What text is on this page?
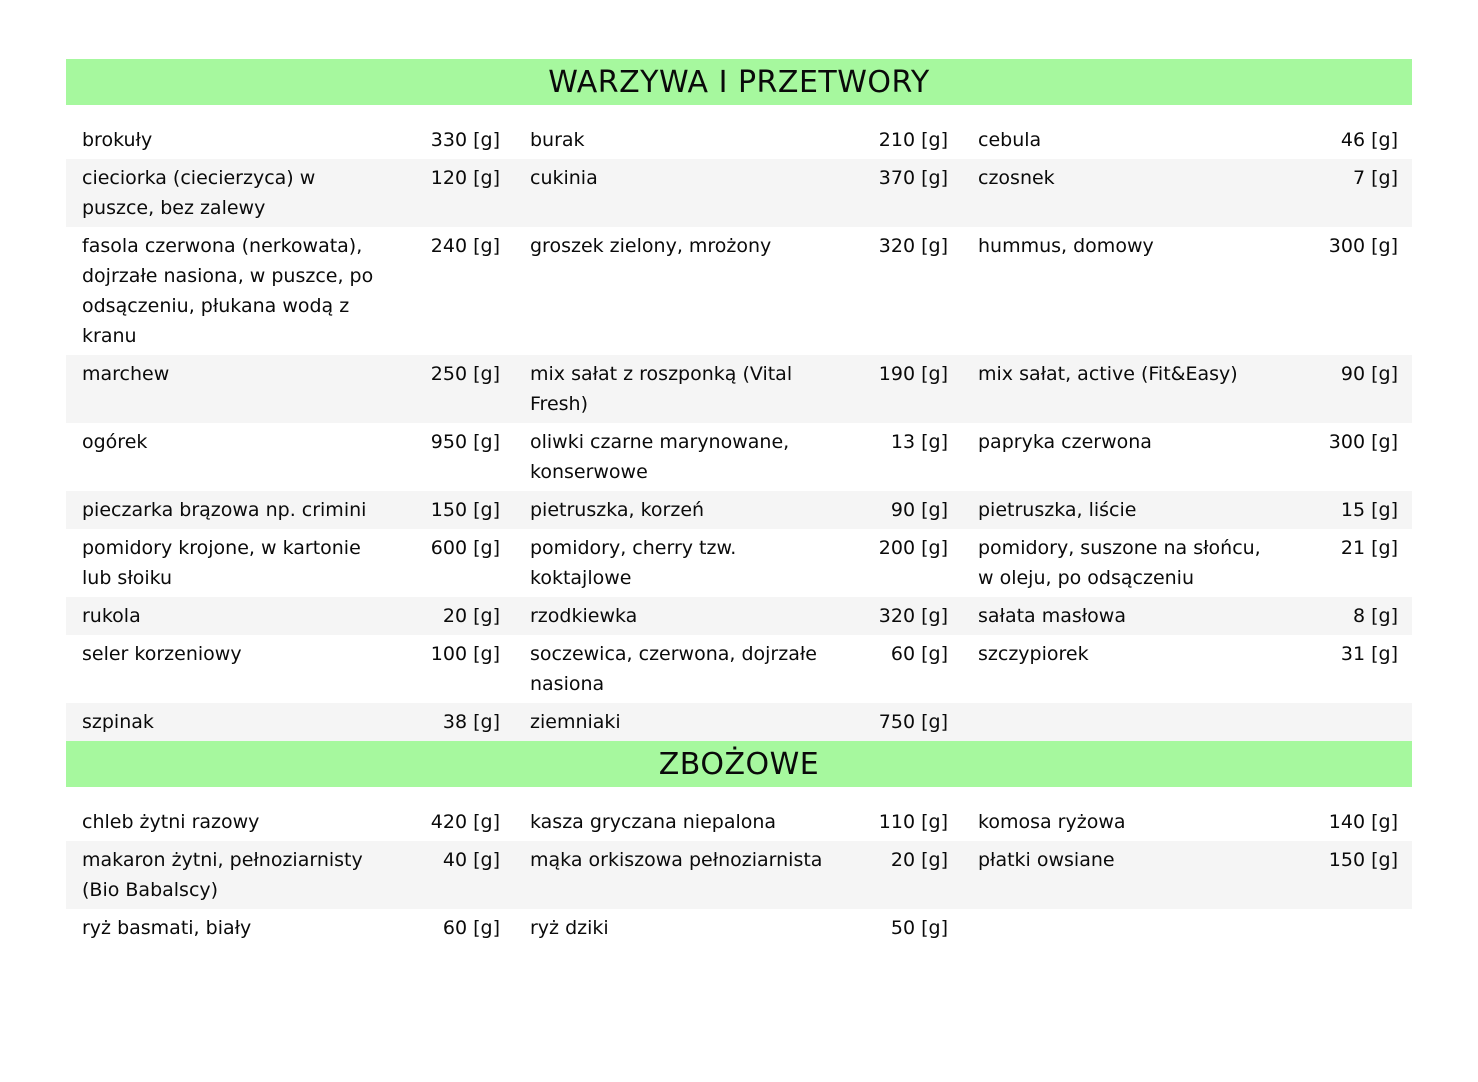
WARZYWA I PRZETWORY
brokuły	330 [g]	burak	210 [g]	cebula	46 [g]
cieciorka (ciecierzyca) w puszce, bez zalewy	120 [g]	cukinia	370 [g]	czosnek	7 [g]
fasola czerwona (nerkowata), dojrzałe nasiona, w puszce, po odsączeniu, płukana wodą z kranu	240 [g]	groszek zielony, mrożony	320 [g]	hummus, domowy	300 [g]
marchew	250 [g]	mix sałat z roszponką (Vital Fresh)	190 [g]	mix sałat, active (Fit&Easy)	90 [g]
ogórek	950 [g]	oliwki czarne marynowane, konserwowe	13 [g]	papryka czerwona	300 [g]
pieczarka brązowa np. crimini	150 [g]	pietruszka, korzeń	90 [g]	pietruszka, liście	15 [g]
pomidory krojone, w kartonie lub słoiku	600 [g]	pomidory, cherry tzw. koktajlowe	200 [g]	pomidory, suszone na słońcu, w oleju, po odsączeniu	21 [g]
rukola	20 [g]	rzodkiewka	320 [g]	sałata masłowa	8 [g]
seler korzeniowy	100 [g]	soczewica, czerwona, dojrzałe nasiona	60 [g]	szczypiorek	31 [g]
szpinak	38 [g]	ziemniaki	750 [g]		
ZBOŻOWE
chleb żytni razowy	420 [g]	kasza gryczana niepalona	110 [g]	komosa ryżowa	140 [g]
makaron żytni, pełnoziarnisty (Bio Babalscy)	40 [g]	mąka orkiszowa pełnoziarnista	20 [g]	płatki owsiane	150 [g]
ryż basmati, biały	60 [g]	ryż dziki	50 [g]		
